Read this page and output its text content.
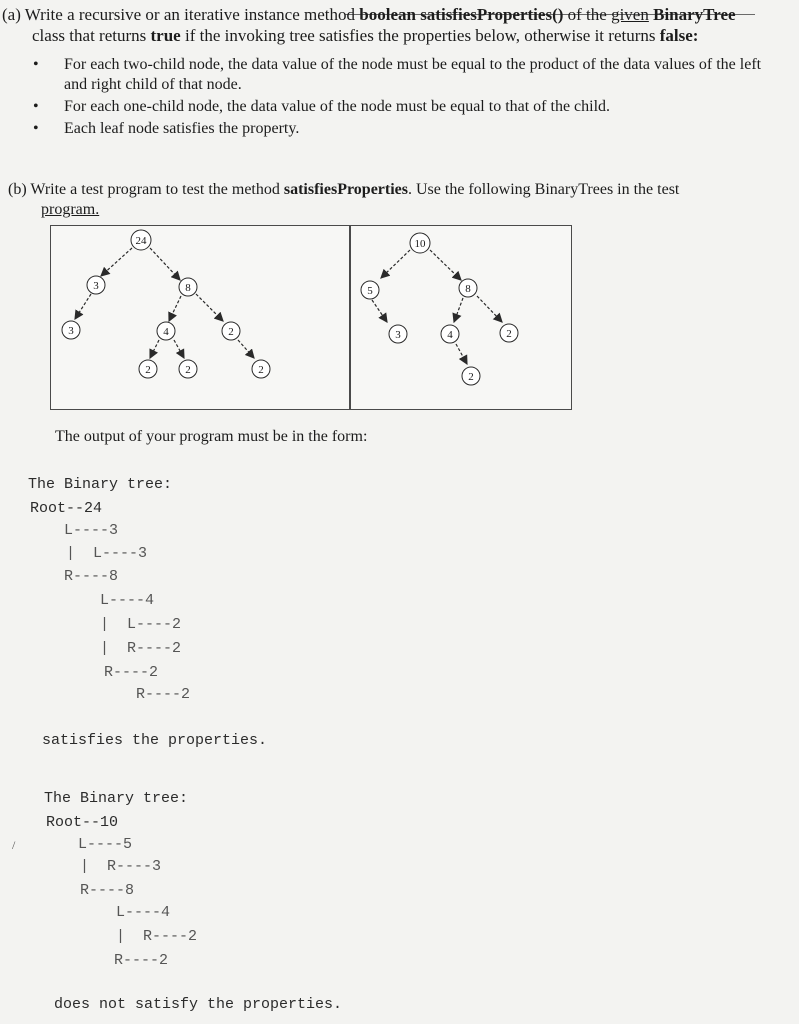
(a) Write a recursive or an iterative instance method boolean satisfiesProperties() of the given BinaryTree
class that returns true if the invoking tree satisfies the properties below, otherwise it returns false:
• For each two-child node, the data value of the node must be equal to the product of the data values of the left and right child of that node.
• For each one-child node, the data value of the node must be equal to that of the child.
• Each leaf node satisfies the property.
(b) Write a test program to test the method satisfiesProperties. Use the following BinaryTrees in the test
program.
24
3	8
3	4	2
2	2	2
10
5	8
3	4	2
2
The output of your program must be in the form:
The Binary tree:
Root--24
L----3
|  L----3
R----8
L----4
|  L----2
|  R----2
R----2
R----2
satisfies the properties.
The Binary tree:
Root--10
L----5
|  R----3
R----8
L----4
|  R----2
R----2
does not satisfy the properties.
/
